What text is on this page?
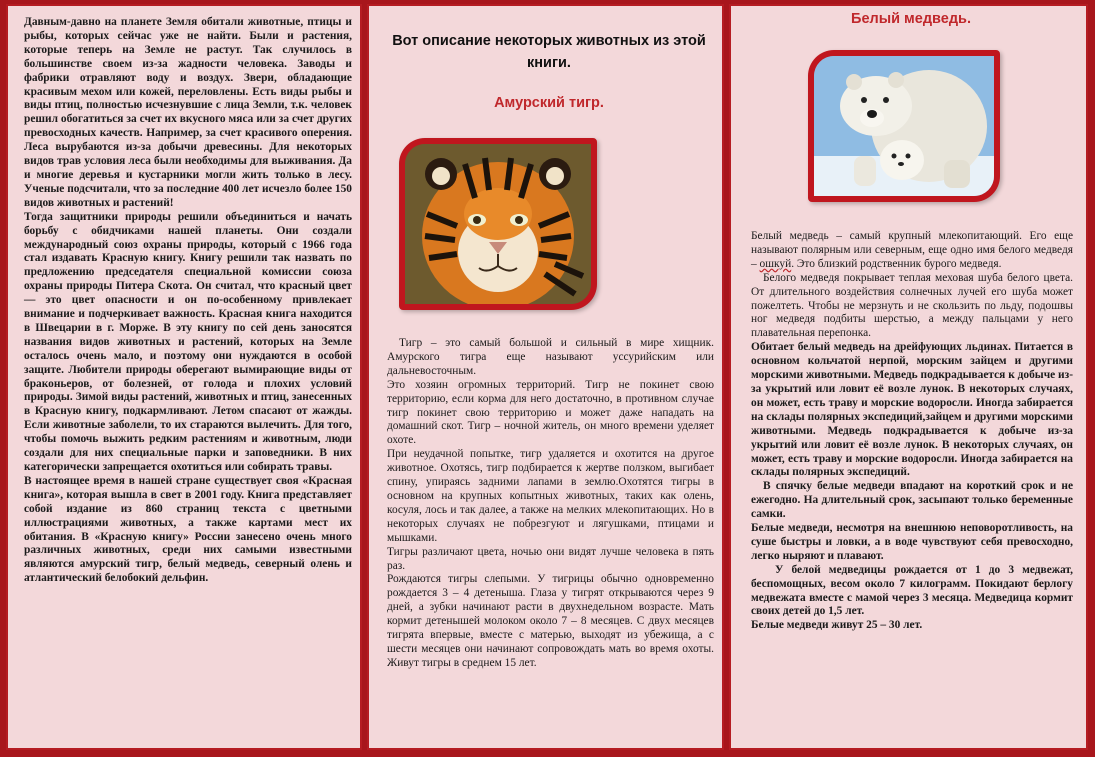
Давным-давно на планете Земля обитали животные, птицы и рыбы, которых сейчас уже не найти. Были и растения, которые теперь на Земле не растут. Так случилось в большинстве своем из-за жадности человека. Заводы и фабрики отравляют воду и воздух. Звери, обладающие красивым мехом или кожей, переловлены. Есть виды рыбы и виды птиц, полностью исчезнувшие с лица Земли, т.к. человек решил обогатиться за счет их вкусного мяса или за счет других превосходных качеств. Например, за счет красивого оперения. Леса вырубаются из-за добычи древесины. Для некоторых видов трав условия леса были необходимы для выживания. Да и многие деревья и кустарники могли жить только в лесу. Ученые подсчитали, что за последние 400 лет исчезло более 150 видов животных и растений!

Тогда защитники природы решили объединиться и начать борьбу с обидчиками нашей планеты. Они создали международный союз охраны природы, который с 1966 года стал издавать Красную книгу. Книгу решили так назвать по предложению председателя специальной комиссии союза охраны природы Питера Скота. Он считал, что красный цвет — это цвет опасности и он по-особенному привлекает внимание и подчеркивает важность. Красная книга находится в Швецарии в г. Морже. В эту книгу по сей день заносятся названия видов животных и растений, которых на Земле осталось очень мало, и поэтому они нуждаются в особой защите. Любители природы оберегают вымирающие виды от браконьеров, от болезней, от голода и плохих условий природы. Зимой виды растений, животных и птиц, занесенных в Красную книгу, подкармливают. Летом спасают от жажды. Если животные заболели, то их стараются вылечить. Для того, чтобы помочь выжить редким растениям и животным, люди создали для них специальные парки и заповедники. В них категорически запрещается охотиться или собирать травы.

В настоящее время в нашей стране существует своя «Красная книга», которая вышла в свет в 2001 году. Книга представляет собой издание из 860 страниц текста с цветными иллюстрациями животных, а также картами мест их обитания. В «Красную книгу» России занесено очень много различных животных, среди них самыми известными являются амурский тигр, белый медведь, северный олень и атлантический белобокий дельфин.

Вот описание некоторых животных из этой книги.
Амурский тигр.

Тигр – это самый большой и сильный в мире хищник. Амурского тигра еще называют уссурийским или дальневосточным.

Это хозяин огромных территорий. Тигр не покинет свою территорию, если корма для него достаточно, в противном случае тигр покинет свою территорию и может даже нападать на домашний скот. Тигр – ночной житель, он много времени уделяет охоте.

При неудачной попытке, тигр удаляется и охотится на другое животное. Охотясь, тигр подбирается к жертве ползком, выгибает спину, упираясь задними лапами в землю.Охотятся тигры в основном на крупных копытных животных, таких как олень, косуля, лось и так далее, а также на мелких млекопитающих. Но в некоторых случаях не побрезгуют и лягушками, птицами и мышками.

Тигры различают цвета, ночью они видят лучше человека в пять раз.

Рождаются тигры слепыми. У тигрицы обычно одновременно рождается 3 – 4 детеныша. Глаза у тигрят открываются через 9 дней, а зубки начинают расти в двухнедельном возрасте. Мать кормит детенышей молоком около 7 – 8 месяцев. С двух месяцев тигрята впервые, вместе с матерью, выходят из убежища, а с шести месяцев они начинают сопровождать мать во время охоты. Живут тигры в среднем 15 лет.

Белый медведь.

Белый медведь – самый крупный млекопитающий. Его еще называют полярным или северным, еще одно имя белого медведя – ошкуй. Это близкий родственник бурого медведя.

Белого медведя покрывает теплая меховая шуба белого цвета. От длительного воздействия солнечных лучей его шуба может пожелтеть. Чтобы не мерзнуть и не скользить по льду, подошвы ног медведя подбиты шерстью, а между пальцами у него плавательная перепонка.

Обитает белый медведь на дрейфующих льдинах. Питается в основном кольчатой нерпой, морским зайцем и другими морскими животными. Медведь подкрадывается к добыче из-за укрытий или ловит её возле лунок. В некоторых случаях, он может, есть траву и морские водоросли. Иногда забирается на склады полярных экспедиций,зайцем и другими морскими животными. Медведь подкрадывается к добыче из-за укрытий или ловит её возле лунок. В некоторых случаях, он может, есть траву и морские водоросли. Иногда забирается на склады полярных экспедиций.

В спячку белые медведи впадают на короткий срок и не ежегодно. На длительный срок, засыпают только беременные самки.

Белые медведи, несмотря на внешнюю неповоротливость, на суше быстры и ловки, а в воде чувствуют себя превосходно, легко ныряют и плавают.

У белой медведицы рождается от 1 до 3 медвежат, беспомощных, весом около 7 килограмм. Покидают берлогу медвежата вместе с мамой через 3 месяца. Медведица кормит своих детей до 1,5 лет.

Белые медведи живут 25 – 30 лет.
